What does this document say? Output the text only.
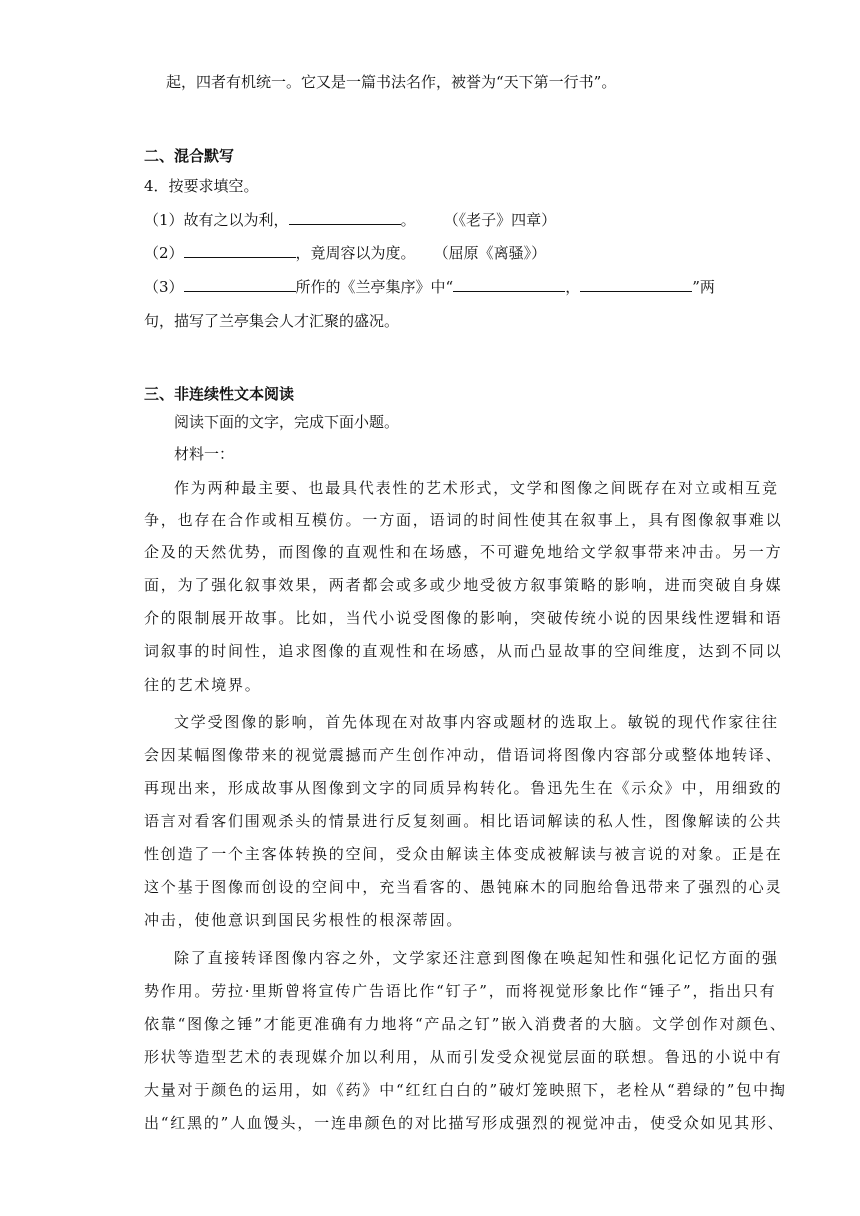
起，四者有机统一。它又是一篇书法名作，被誉为“天下第一行书”。
二、混合默写
4．按要求填空。
（1）故有之以为利，	。 （《老子》四章）
（2）	，竟周容以为度。 （屈原《离骚》）
（3）	所作的《兰亭集序》中“	，	”两
句，描写了兰亭集会人才汇聚的盛况。
三、非连续性文本阅读
阅读下面的文字，完成下面小题。
材料一：
作为两种最主要、也最具代表性的艺术形式，文学和图像之间既存在对立或相互竞
争，也存在合作或相互模仿。一方面，语词的时间性使其在叙事上，具有图像叙事难以
企及的天然优势，而图像的直观性和在场感，不可避免地给文学叙事带来冲击。另一方
面，为了强化叙事效果，两者都会或多或少地受彼方叙事策略的影响，进而突破自身媒
介的限制展开故事。比如，当代小说受图像的影响，突破传统小说的因果线性逻辑和语
词叙事的时间性，追求图像的直观性和在场感，从而凸显故事的空间维度，达到不同以
往的艺术境界。
文学受图像的影响，首先体现在对故事内容或题材的选取上。敏锐的现代作家往往
会因某幅图像带来的视觉震撼而产生创作冲动，借语词将图像内容部分或整体地转译、
再现出来，形成故事从图像到文字的同质异构转化。鲁迅先生在《示众》中，用细致的
语言对看客们围观杀头的情景进行反复刻画。相比语词解读的私人性，图像解读的公共
性创造了一个主客体转换的空间，受众由解读主体变成被解读与被言说的对象。正是在
这个基于图像而创设的空间中，充当看客的、愚钝麻木的同胞给鲁迅带来了强烈的心灵
冲击，使他意识到国民劣根性的根深蒂固。
除了直接转译图像内容之外，文学家还注意到图像在唤起知性和强化记忆方面的强
势作用。劳拉·里斯曾将宣传广告语比作“钉子”，而将视觉形象比作“锤子”，指出只有
依靠“图像之锤”才能更准确有力地将“产品之钉”嵌入消费者的大脑。文学创作对颜色、
形状等造型艺术的表现媒介加以利用，从而引发受众视觉层面的联想。鲁迅的小说中有
大量对于颜色的运用，如《药》中“红红白白的”破灯笼映照下，老栓从“碧绿的”包中掏
出“红黑的”人血馒头，一连串颜色的对比描写形成强烈的视觉冲击，使受众如见其形、
